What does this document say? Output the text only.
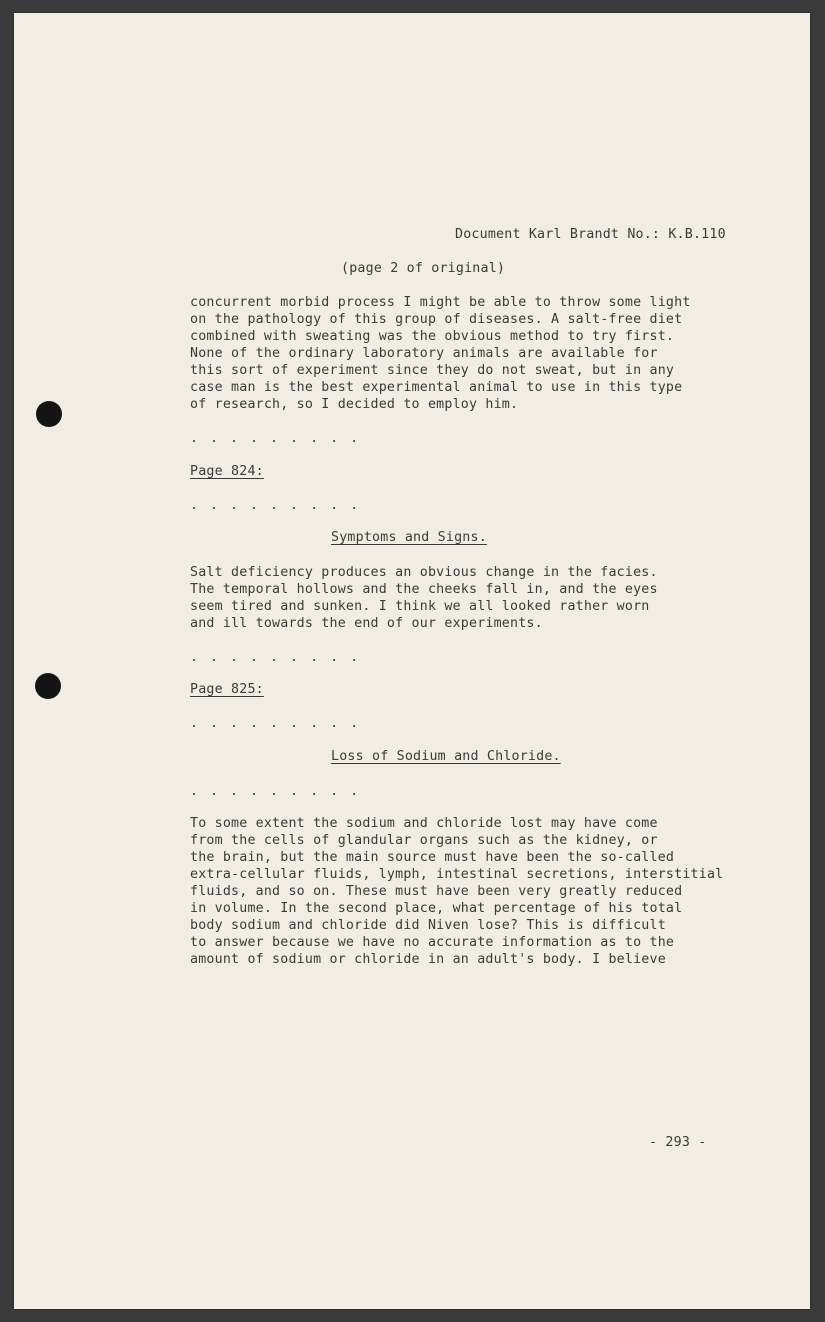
Document Karl Brandt No.: K.B.110
(page 2 of original)
concurrent morbid process I might be able to throw some light
on the pathology of this group of diseases. A salt-free diet
combined with sweating was the obvious method to try first.
None of the ordinary laboratory animals are available for
this sort of experiment since they do not sweat, but in any
case man is the best experimental animal to use in this type
of research, so I decided to employ him.
. . . . . . . . .
Page 824:
. . . . . . . . .
Symptoms and Signs.
Salt deficiency produces an obvious change in the facies.
The temporal hollows and the cheeks fall in, and the eyes
seem tired and sunken. I think we all looked rather worn
and ill towards the end of our experiments.
. . . . . . . . .
Page 825:
. . . . . . . . .
Loss of Sodium and Chloride.
. . . . . . . . .
To some extent the sodium and chloride lost may have come
from the cells of glandular organs such as the kidney, or
the brain, but the main source must have been the so-called
extra-cellular fluids, lymph, intestinal secretions, interstitial
fluids, and so on. These must have been very greatly reduced
in volume. In the second place, what percentage of his total
body sodium and chloride did Niven lose? This is difficult
to answer because we have no accurate information as to the
amount of sodium or chloride in an adult's body. I believe
- 293 -
